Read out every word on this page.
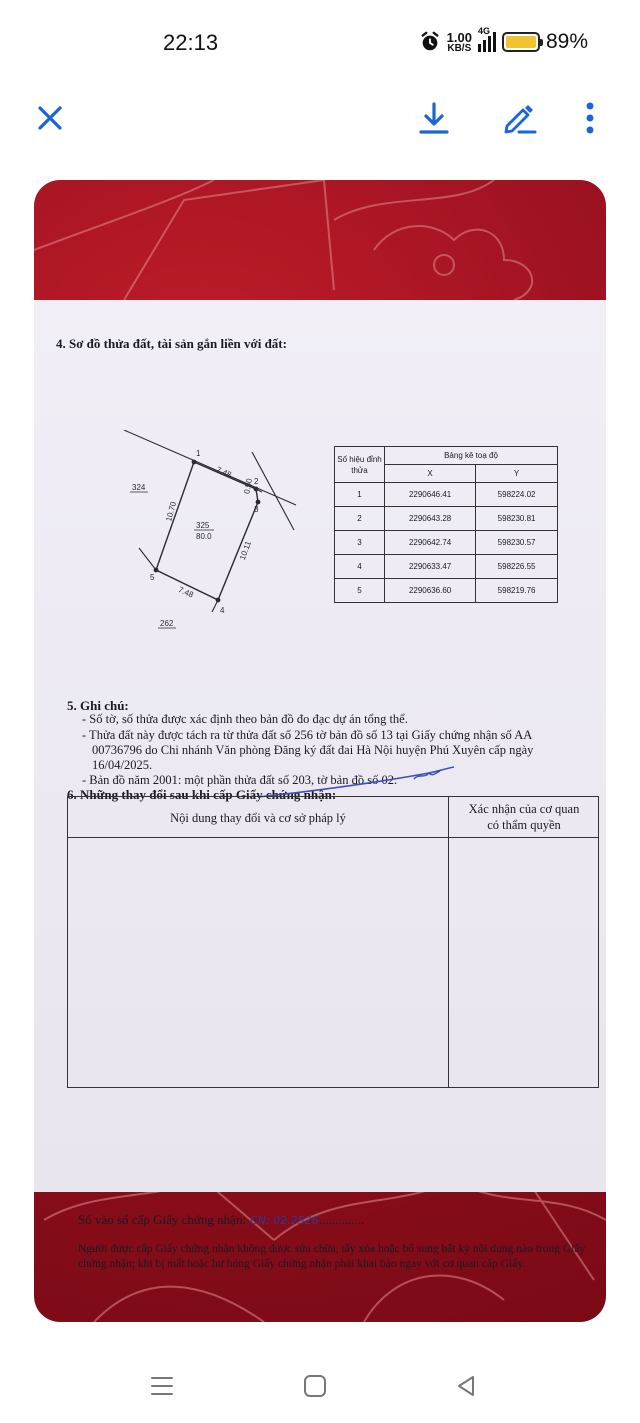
22:13	1.00
KB/S
4G	89%
4. Sơ đồ thửa đất, tài sản gắn liền với đất:
1
2
3
4
5
7.48
0.50
10.70
10.11
7.48
325
80.0
324
262
Số hiệu đỉnh thửa	Bảng kê toạ độ	
	X	Y
1	2290646.41	598224.02
2	2290643.28	598230.81
3	2290642.74	598230.57
4	2290633.47	598226.55
5	2290636.60	598219.76
5. Ghi chú:
- Số tờ, số thửa được xác định theo bản đồ đo đạc dự án tổng thể.
- Thửa đất này được tách ra từ thửa đất số 256 tờ bản đồ số 13 tại Giấy chứng nhận số AA
00736796 do Chi nhánh Văn phòng Đăng ký đất đai Hà Nội huyện Phú Xuyên cấp ngày
16/04/2025.
- Bản đồ năm 2001: một phần thửa đất số 203, tờ bản đồ số 02.
6. Những thay đổi sau khi cấp Giấy chứng nhận:
Nội dung thay đổi và cơ sở pháp lý
Xác nhận của cơ quan
có thẩm quyền
Số vào sổ cấp Giấy chứng nhận: CN: 02.2526 ..............
Người được cấp Giấy chứng nhận không được sửa chữa, tẩy xóa hoặc bổ sung bất kỳ nội dung nào trong Giấy chứng nhận; khi bị mất hoặc hư hỏng Giấy chứng nhận phải khai báo ngay với cơ quan cấp Giấy.
